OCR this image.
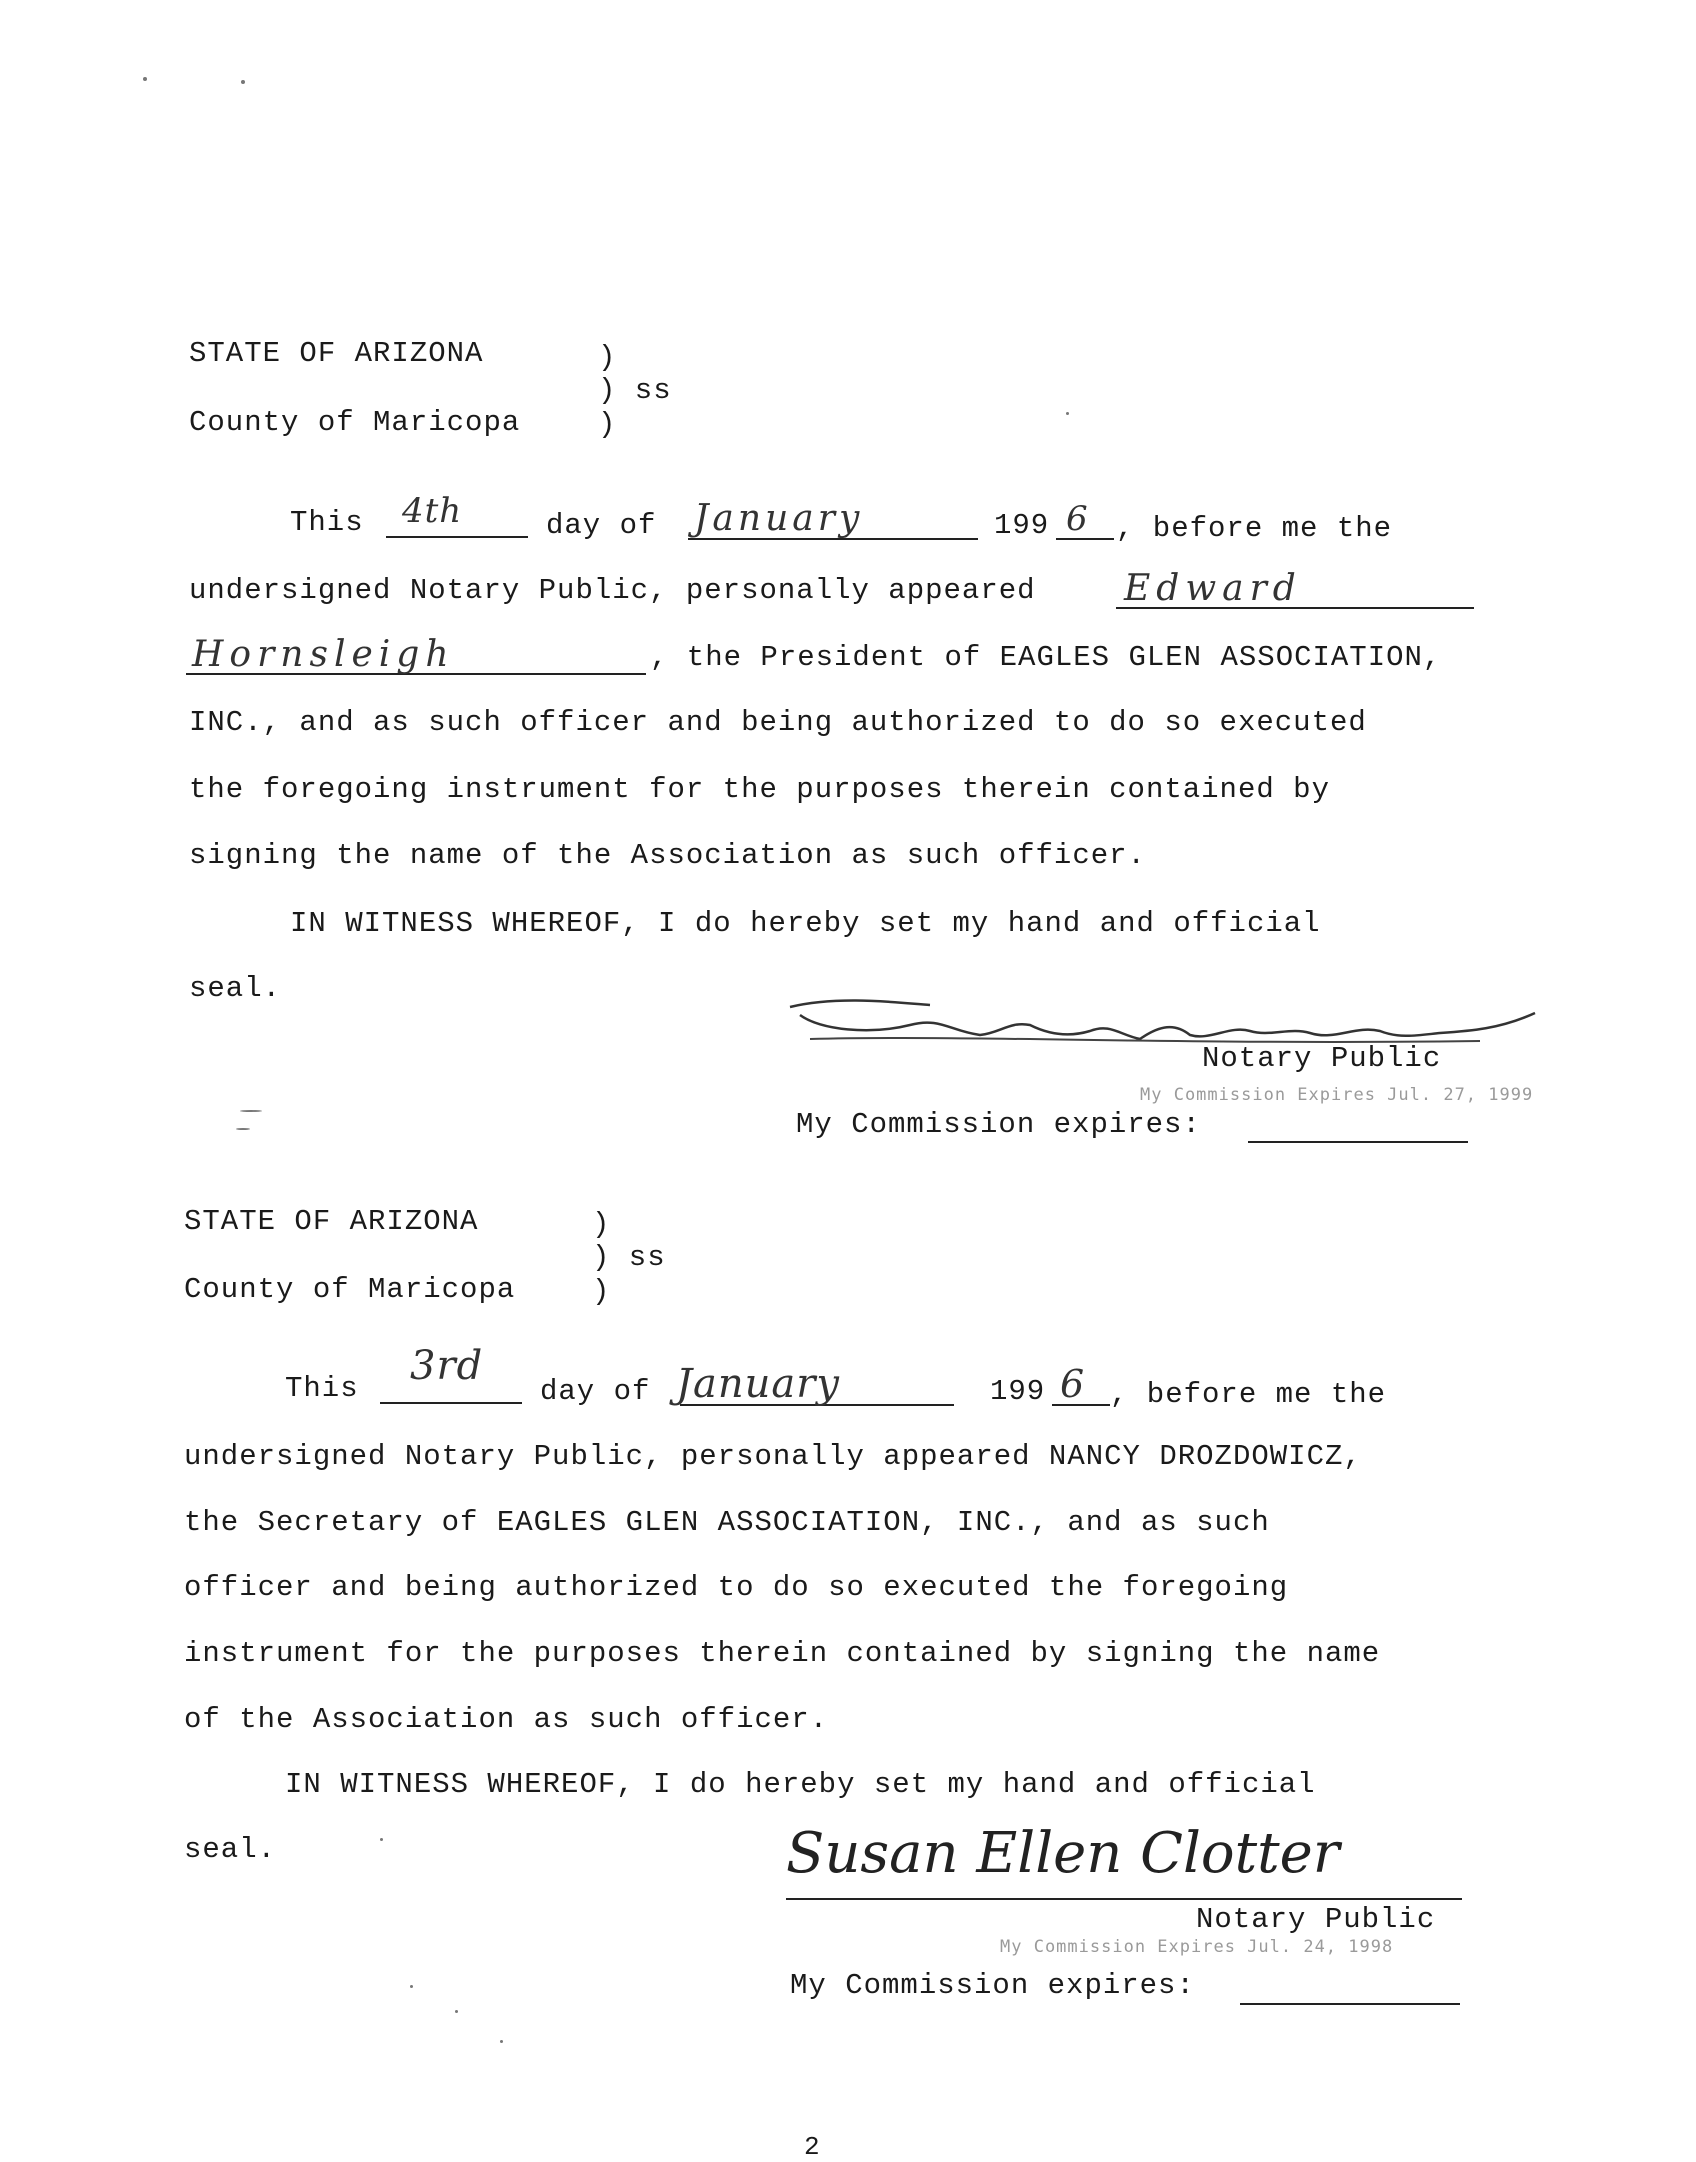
STATE OF ARIZONA	)
) ss
County of Maricopa	)
This 4th	day of January	199 6 , before me the
undersigned Notary Public, personally appeared Edward
Hornsleigh	, the President of EAGLES GLEN ASSOCIATION,
INC., and as such officer and being authorized to do so executed
the foregoing instrument for the purposes therein contained by
signing the name of the Association as such officer.
IN WITNESS WHEREOF, I do hereby set my hand and official
seal.
Notary Public
My Commission Expires Jul. 27, 1999
My Commission expires:
STATE OF ARIZONA	)
) ss
County of Maricopa	)
This 3rd
day of January	199 6 , before me the
undersigned Notary Public, personally appeared NANCY DROZDOWICZ,
the Secretary of EAGLES GLEN ASSOCIATION, INC., and as such
officer and being authorized to do so executed the foregoing
instrument for the purposes therein contained by signing the name
of the Association as such officer.
IN WITNESS WHEREOF, I do hereby set my hand and official
seal.	Susan Ellen Clotter
Notary Public
My Commission Expires Jul. 24, 1998
My Commission expires:
2
